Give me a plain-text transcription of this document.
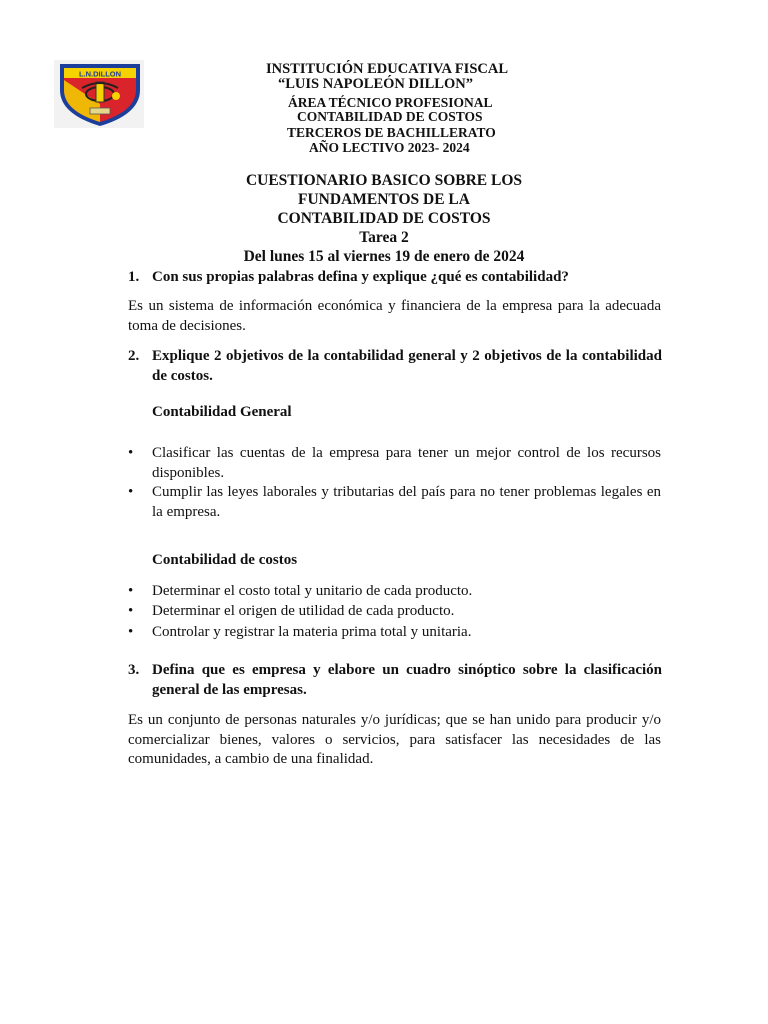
L.N.DILLON	INSTITUCIÓN EDUCATIVA FISCAL
“LUIS NAPOLEÓN DILLON”
ÁREA TÉCNICO PROFESIONAL
CONTABILIDAD DE COSTOS
TERCEROS DE BACHILLERATO
AÑO LECTIVO 2023- 2024
CUESTIONARIO BASICO SOBRE LOS
FUNDAMENTOS DE LA
CONTABILIDAD DE COSTOS
Tarea 2
Del lunes 15 al viernes 19 de enero de 2024
1. Con sus propias palabras defina y explique ¿qué es contabilidad?
Es un sistema de información económica y financiera de la empresa para la adecuada toma de decisiones.
2. Explique 2 objetivos de la contabilidad general y 2 objetivos de la contabilidad de costos.
Contabilidad General
• Clasificar las cuentas de la empresa para tener un mejor control de los recursos disponibles.
• Cumplir las leyes laborales y tributarias del país para no tener problemas legales en la empresa.
Contabilidad de costos
• Determinar el costo total y unitario de cada producto.
• Determinar el origen de utilidad de cada producto.
• Controlar y registrar la materia prima total y unitaria.
3. Defina que es empresa y elabore un cuadro sinóptico sobre la clasificación general de las empresas.
Es un conjunto de personas naturales y/o jurídicas; que se han unido para producir y/o comercializar bienes, valores o servicios, para satisfacer las necesidades de las comunidades, a cambio de una finalidad.
